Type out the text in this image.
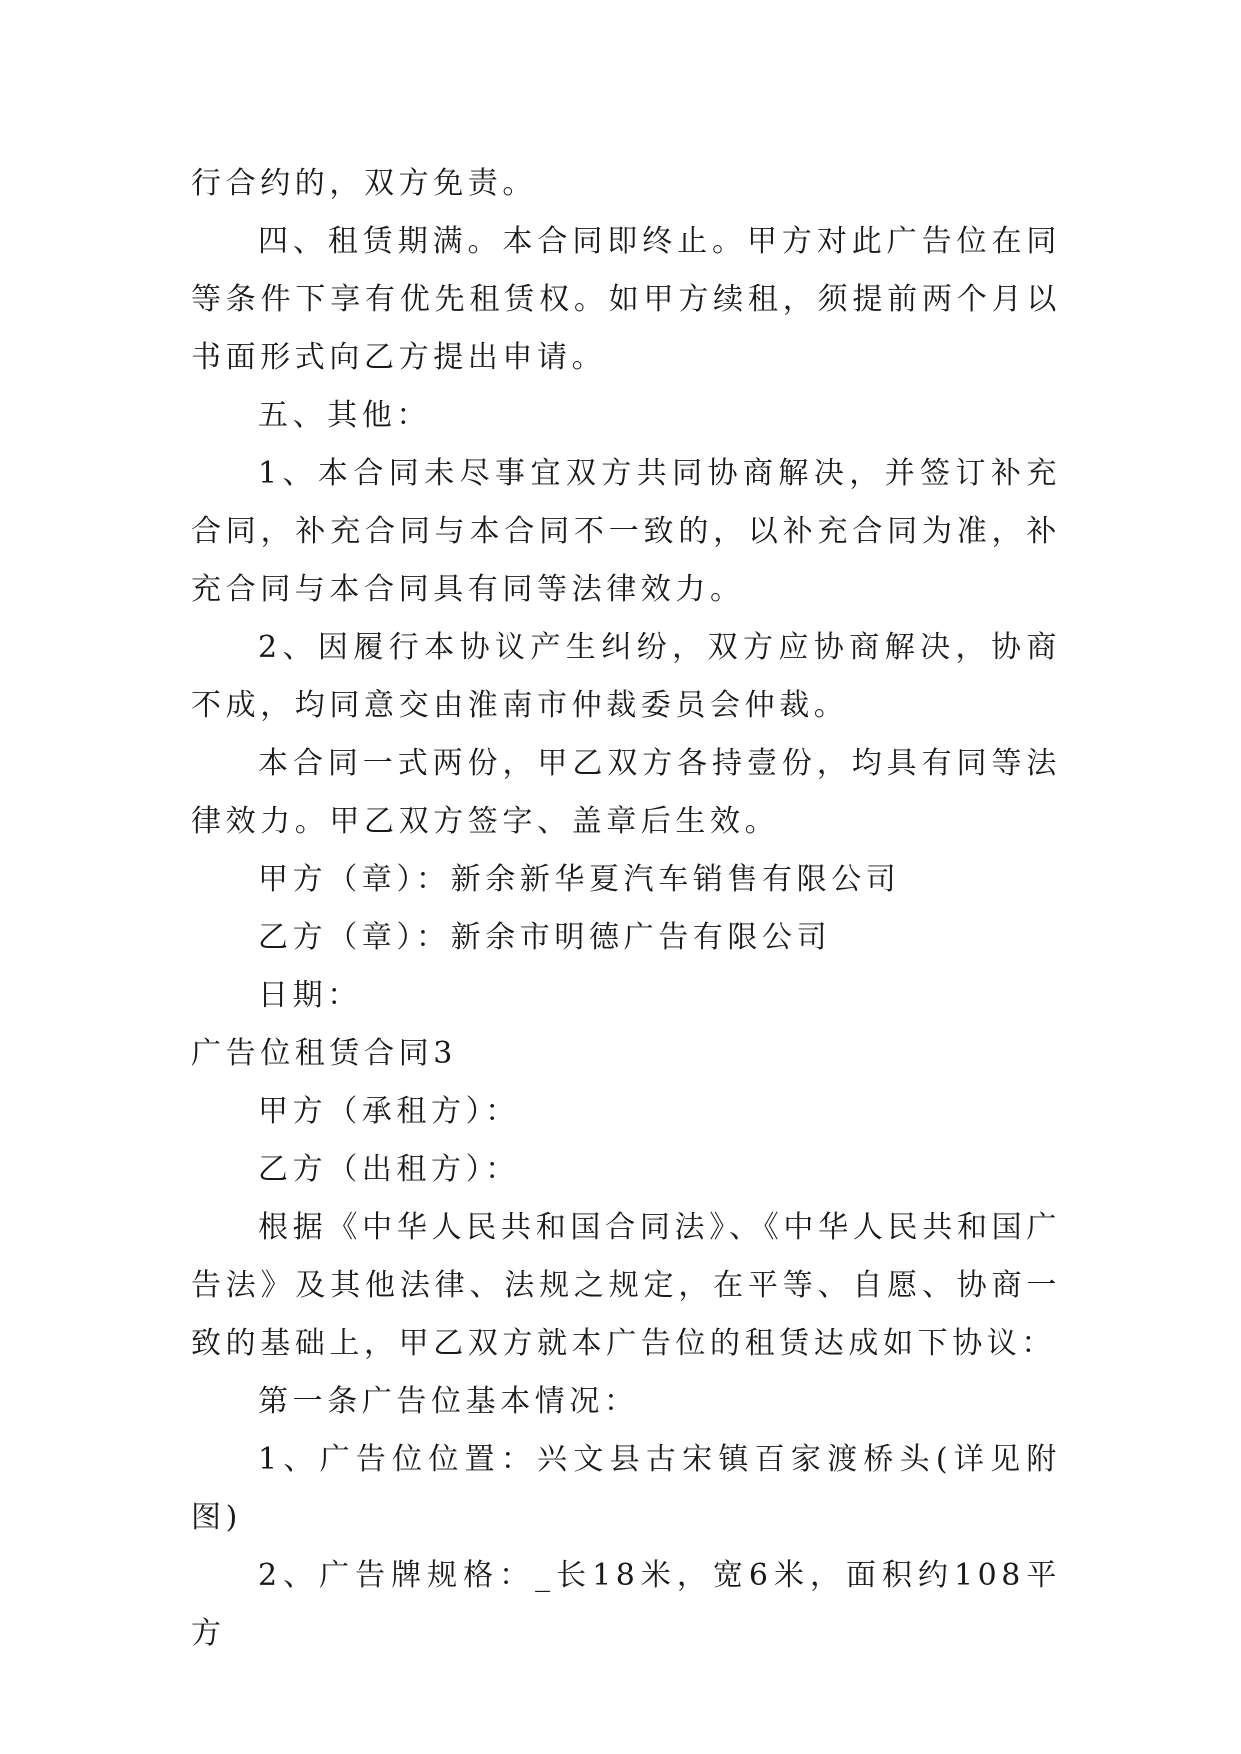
行合约的，双方免责。

四、租赁期满。本合同即终止。甲方对此广告位在同等条件下享有优先租赁权。如甲方续租，须提前两个月以书面形式向乙方提出申请。

五、其他：

1、本合同未尽事宜双方共同协商解决，并签订补充合同，补充合同与本合同不一致的，以补充合同为准，补充合同与本合同具有同等法律效力。

2、因履行本协议产生纠纷，双方应协商解决，协商不成，均同意交由淮南市仲裁委员会仲裁。

本合同一式两份，甲乙双方各持壹份，均具有同等法律效力。甲乙双方签字、盖章后生效。

甲方（章）：新余新华夏汽车销售有限公司

乙方（章）：新余市明德广告有限公司

日期：

广告位租赁合同3

甲方（承租方）：

乙方（出租方）：

根据《中华人民共和国合同法》、《中华人民共和国广告法》及其他法律、法规之规定，在平等、自愿、协商一致的基础上，甲乙双方就本广告位的租赁达成如下协议：

第一条广告位基本情况：

1、广告位位置：兴文县古宋镇百家渡桥头(详见附图)

2、广告牌规格：_长18米，宽6米，面积约108平方
